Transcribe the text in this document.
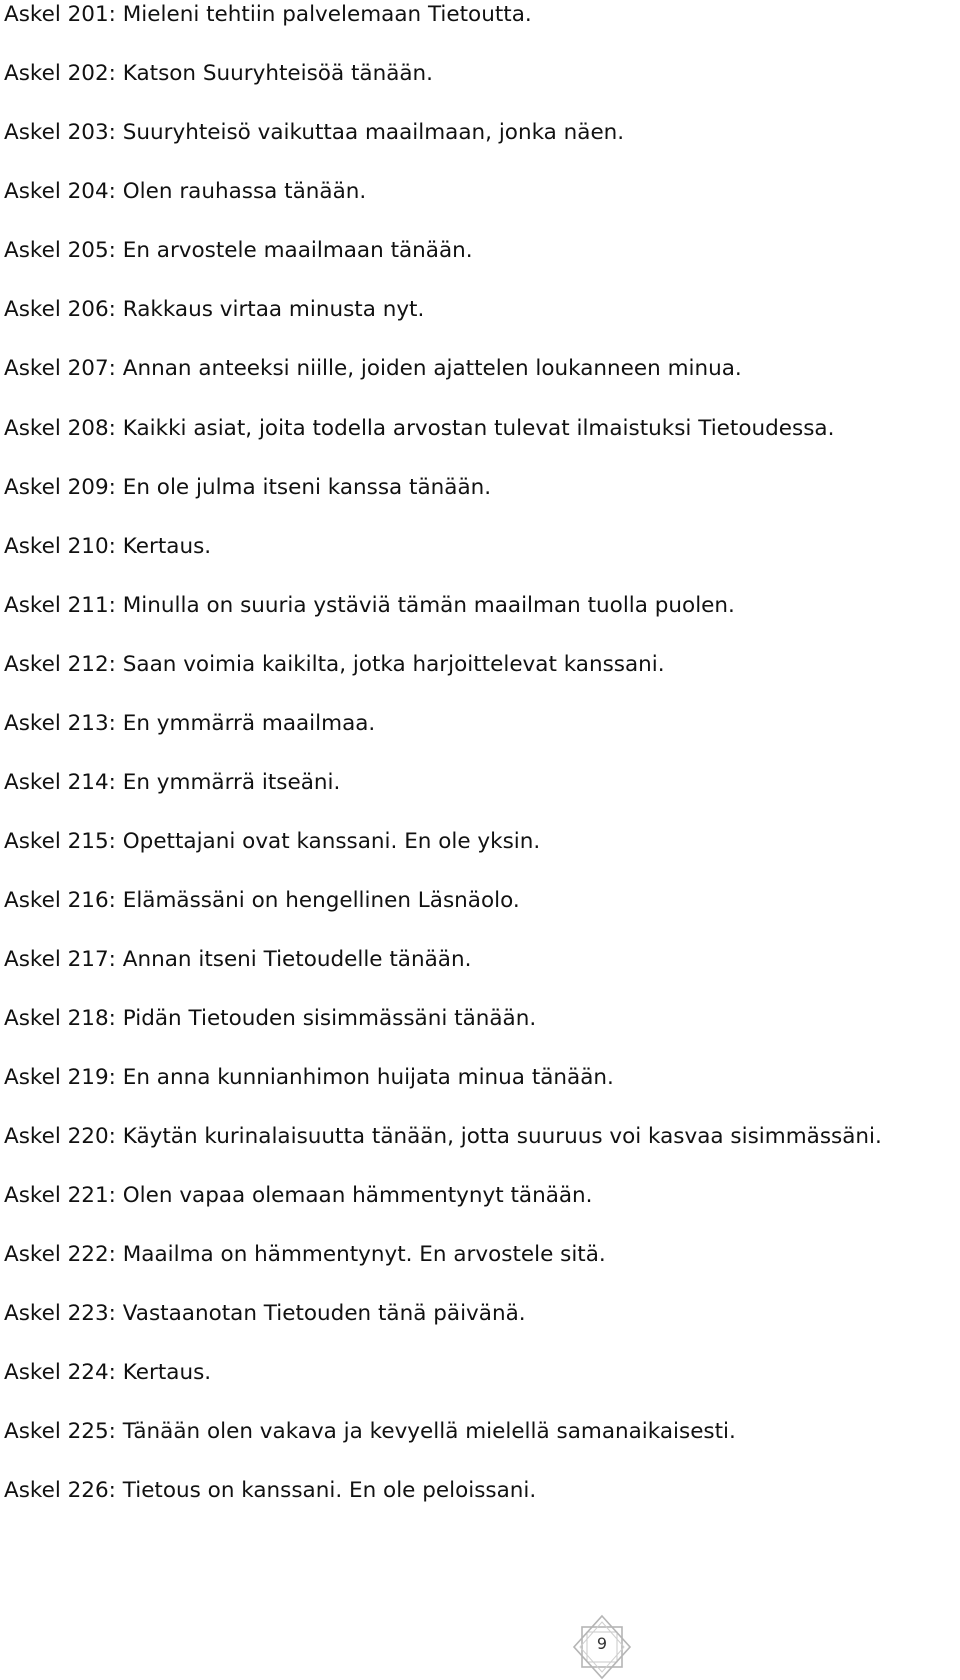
Askel 201: Mieleni tehtiin palvelemaan Tietoutta.
Askel 202: Katson Suuryhteisöä tänään.
Askel 203: Suuryhteisö vaikuttaa maailmaan, jonka näen.
Askel 204: Olen rauhassa tänään.
Askel 205: En arvostele maailmaan tänään.
Askel 206: Rakkaus virtaa minusta nyt.
Askel 207: Annan anteeksi niille, joiden ajattelen loukanneen minua.
Askel 208: Kaikki asiat, joita todella arvostan tulevat ilmaistuksi Tietoudessa.
Askel 209: En ole julma itseni kanssa tänään.
Askel 210: Kertaus.
Askel 211: Minulla on suuria ystäviä tämän maailman tuolla puolen.
Askel 212: Saan voimia kaikilta, jotka harjoittelevat kanssani.
Askel 213: En ymmärrä maailmaa.
Askel 214: En ymmärrä itseäni.
Askel 215: Opettajani ovat kanssani. En ole yksin.
Askel 216: Elämässäni on hengellinen Läsnäolo.
Askel 217: Annan itseni Tietoudelle tänään.
Askel 218: Pidän Tietouden sisimmässäni tänään.
Askel 219: En anna kunnianhimon huijata minua tänään.
Askel 220: Käytän kurinalaisuutta tänään, jotta suuruus voi kasvaa sisimmässäni.
Askel 221: Olen vapaa olemaan hämmentynyt tänään.
Askel 222: Maailma on hämmentynyt. En arvostele sitä.
Askel 223: Vastaanotan Tietouden tänä päivänä.
Askel 224: Kertaus.
Askel 225: Tänään olen vakava ja kevyellä mielellä samanaikaisesti.
Askel 226: Tietous on kanssani. En ole peloissani.
9
